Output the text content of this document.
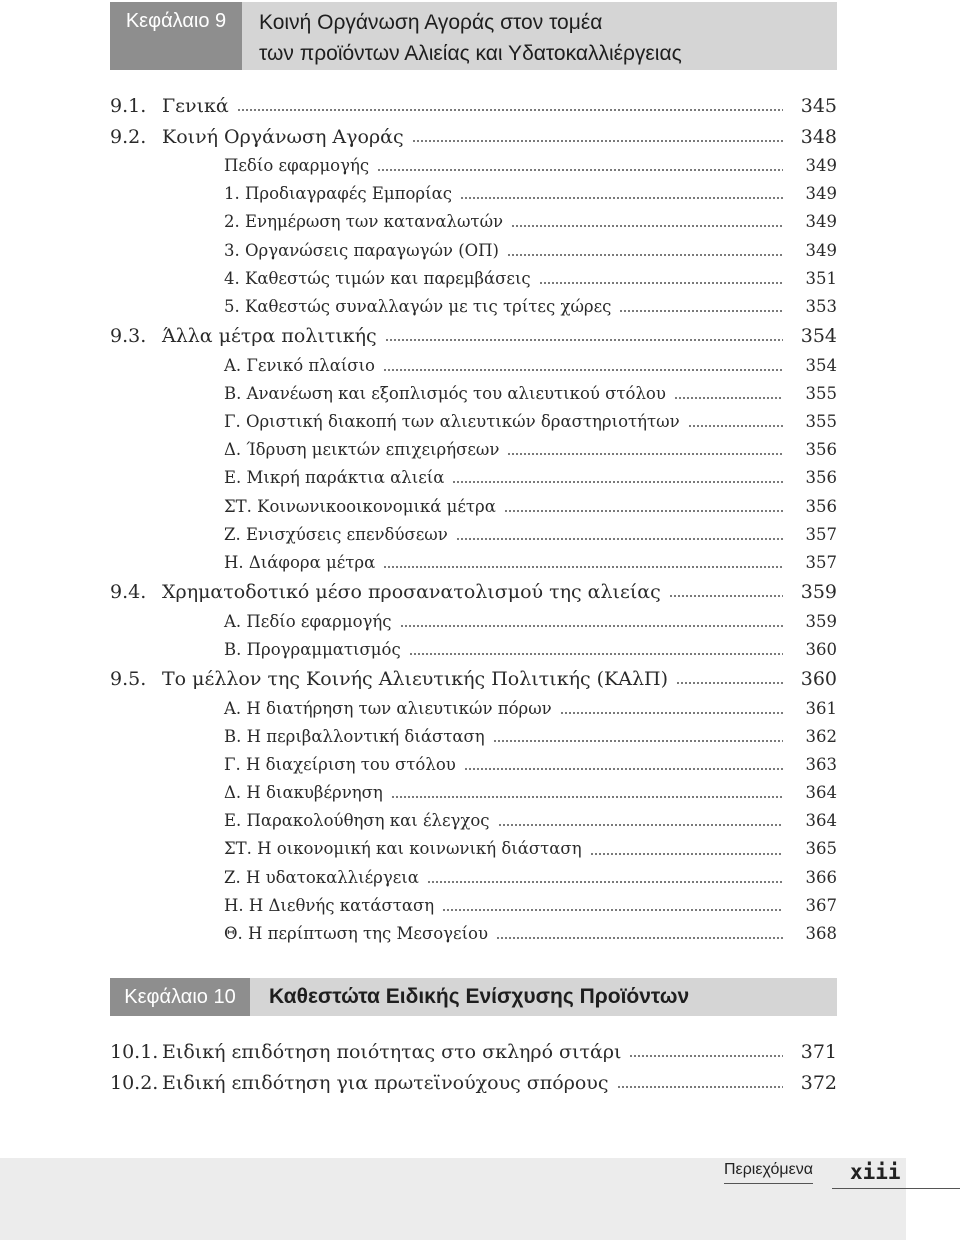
Κεφάλαιο 9	Κοινή Οργάνωση Αγοράς στον τομέα
των προϊόντων Αλιείας και Υδατοκαλλιέργειας
9.1. Γενικά	345
9.2. Κοινή Οργάνωση Αγοράς	348
Πεδίο εφαρμογής	349
1. Προδιαγραφές Εμπορίας	349
2. Ενημέρωση των καταναλωτών	349
3. Οργανώσεις παραγωγών (ΟΠ)	349
4. Καθεστώς τιμών και παρεμβάσεις	351
5. Καθεστώς συναλλαγών με τις τρίτες χώρες	353
9.3. Άλλα μέτρα πολιτικής	354
Α. Γενικό πλαίσιο	354
Β. Ανανέωση και εξοπλισμός του αλιευτικού στόλου	355
Γ. Οριστική διακοπή των αλιευτικών δραστηριοτήτων	355
Δ. Ίδρυση μεικτών επιχειρήσεων	356
Ε. Μικρή παράκτια αλιεία	356
ΣΤ. Κοινωνικοοικονομικά μέτρα	356
Ζ. Ενισχύσεις επενδύσεων	357
Η. Διάφορα μέτρα	357
9.4. Χρηματοδοτικό μέσο προσανατολισμού της αλιείας	359
Α. Πεδίο εφαρμογής	359
Β. Προγραμματισμός	360
9.5. Το μέλλον της Κοινής Αλιευτικής Πολιτικής (ΚΑλΠ)	360
Α. Η διατήρηση των αλιευτικών πόρων	361
Β. Η περιβαλλοντική διάσταση	362
Γ. Η διαχείριση του στόλου	363
Δ. Η διακυβέρνηση	364
Ε. Παρακολούθηση και έλεγχος	364
ΣΤ. Η οικονομική και κοινωνική διάσταση	365
Ζ. Η υδατοκαλλιέργεια	366
Η. Η Διεθνής κατάσταση	367
Θ. Η περίπτωση της Μεσογείου	368
Κεφάλαιο 10	Καθεστώτα Ειδικής Ενίσχυσης Προϊόντων
10.1. Ειδική επιδότηση ποιότητας στο σκληρό σιτάρι	371
10.2. Ειδική επιδότηση για πρωτεϊνούχους σπόρους	372
Περιεχόμενα xiii
